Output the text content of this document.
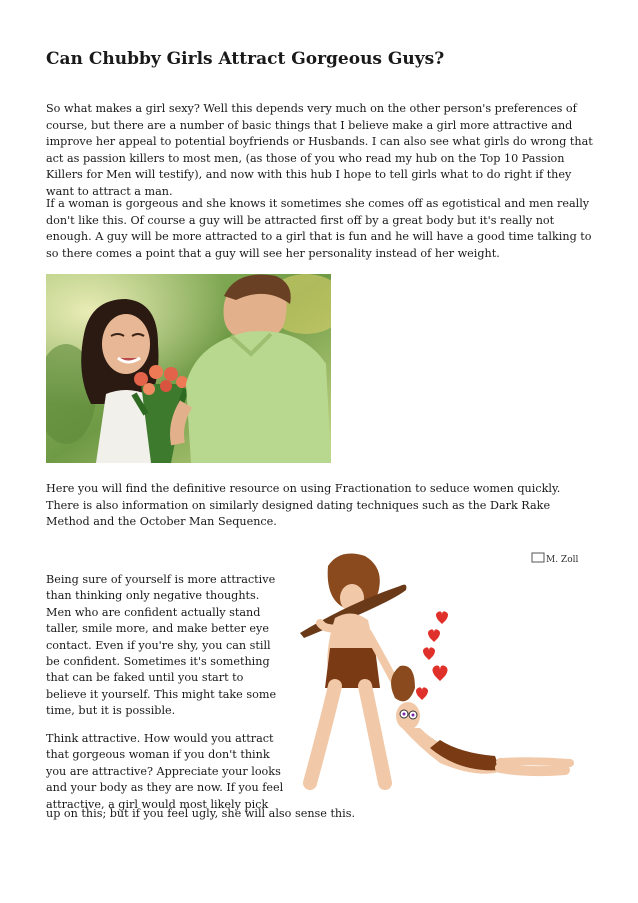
Can Chubby Girls Attract Gorgeous Guys?

So what makes a girl sexy? Well this depends very much on the other person's preferences of course, but there are a number of basic things that I believe make a girl more attractive and improve her appeal to potential boyfriends or Husbands. I can also see what girls do wrong that act as passion killers to most men, (as those of you who read my hub on the Top 10 Passion Killers for Men will testify), and now with this hub I hope to tell girls what to do right if they want to attract a man.

If a woman is gorgeous and she knows it sometimes she comes off as egotistical and men really don't like this. Of course a guy will be attracted first off by a great body but it's really not enough. A guy will be more attracted to a girl that is fun and he will have a good time talking to so there comes a point that a guy will see her personality instead of her weight.

Here you will find the definitive resource on using Fractionation to seduce women quickly. There is also information on similarly designed dating techniques such as the Dark Rake Method and the October Man Sequence.

Being sure of yourself is more attractive than thinking only negative thoughts. Men who are confident actually stand taller, smile more, and make better eye contact. Even if you're shy, you can still be confident. Sometimes it's something that can be faked until you start to believe it yourself. This might take some time, but it is possible.

Think attractive. How would you attract that gorgeous woman if you don't think you are attractive? Appreciate your looks and your body as they are now. If you feel attractive, a girl would most likely pick

up on this; but if you feel ugly, she will also sense this.

M. Zoll
